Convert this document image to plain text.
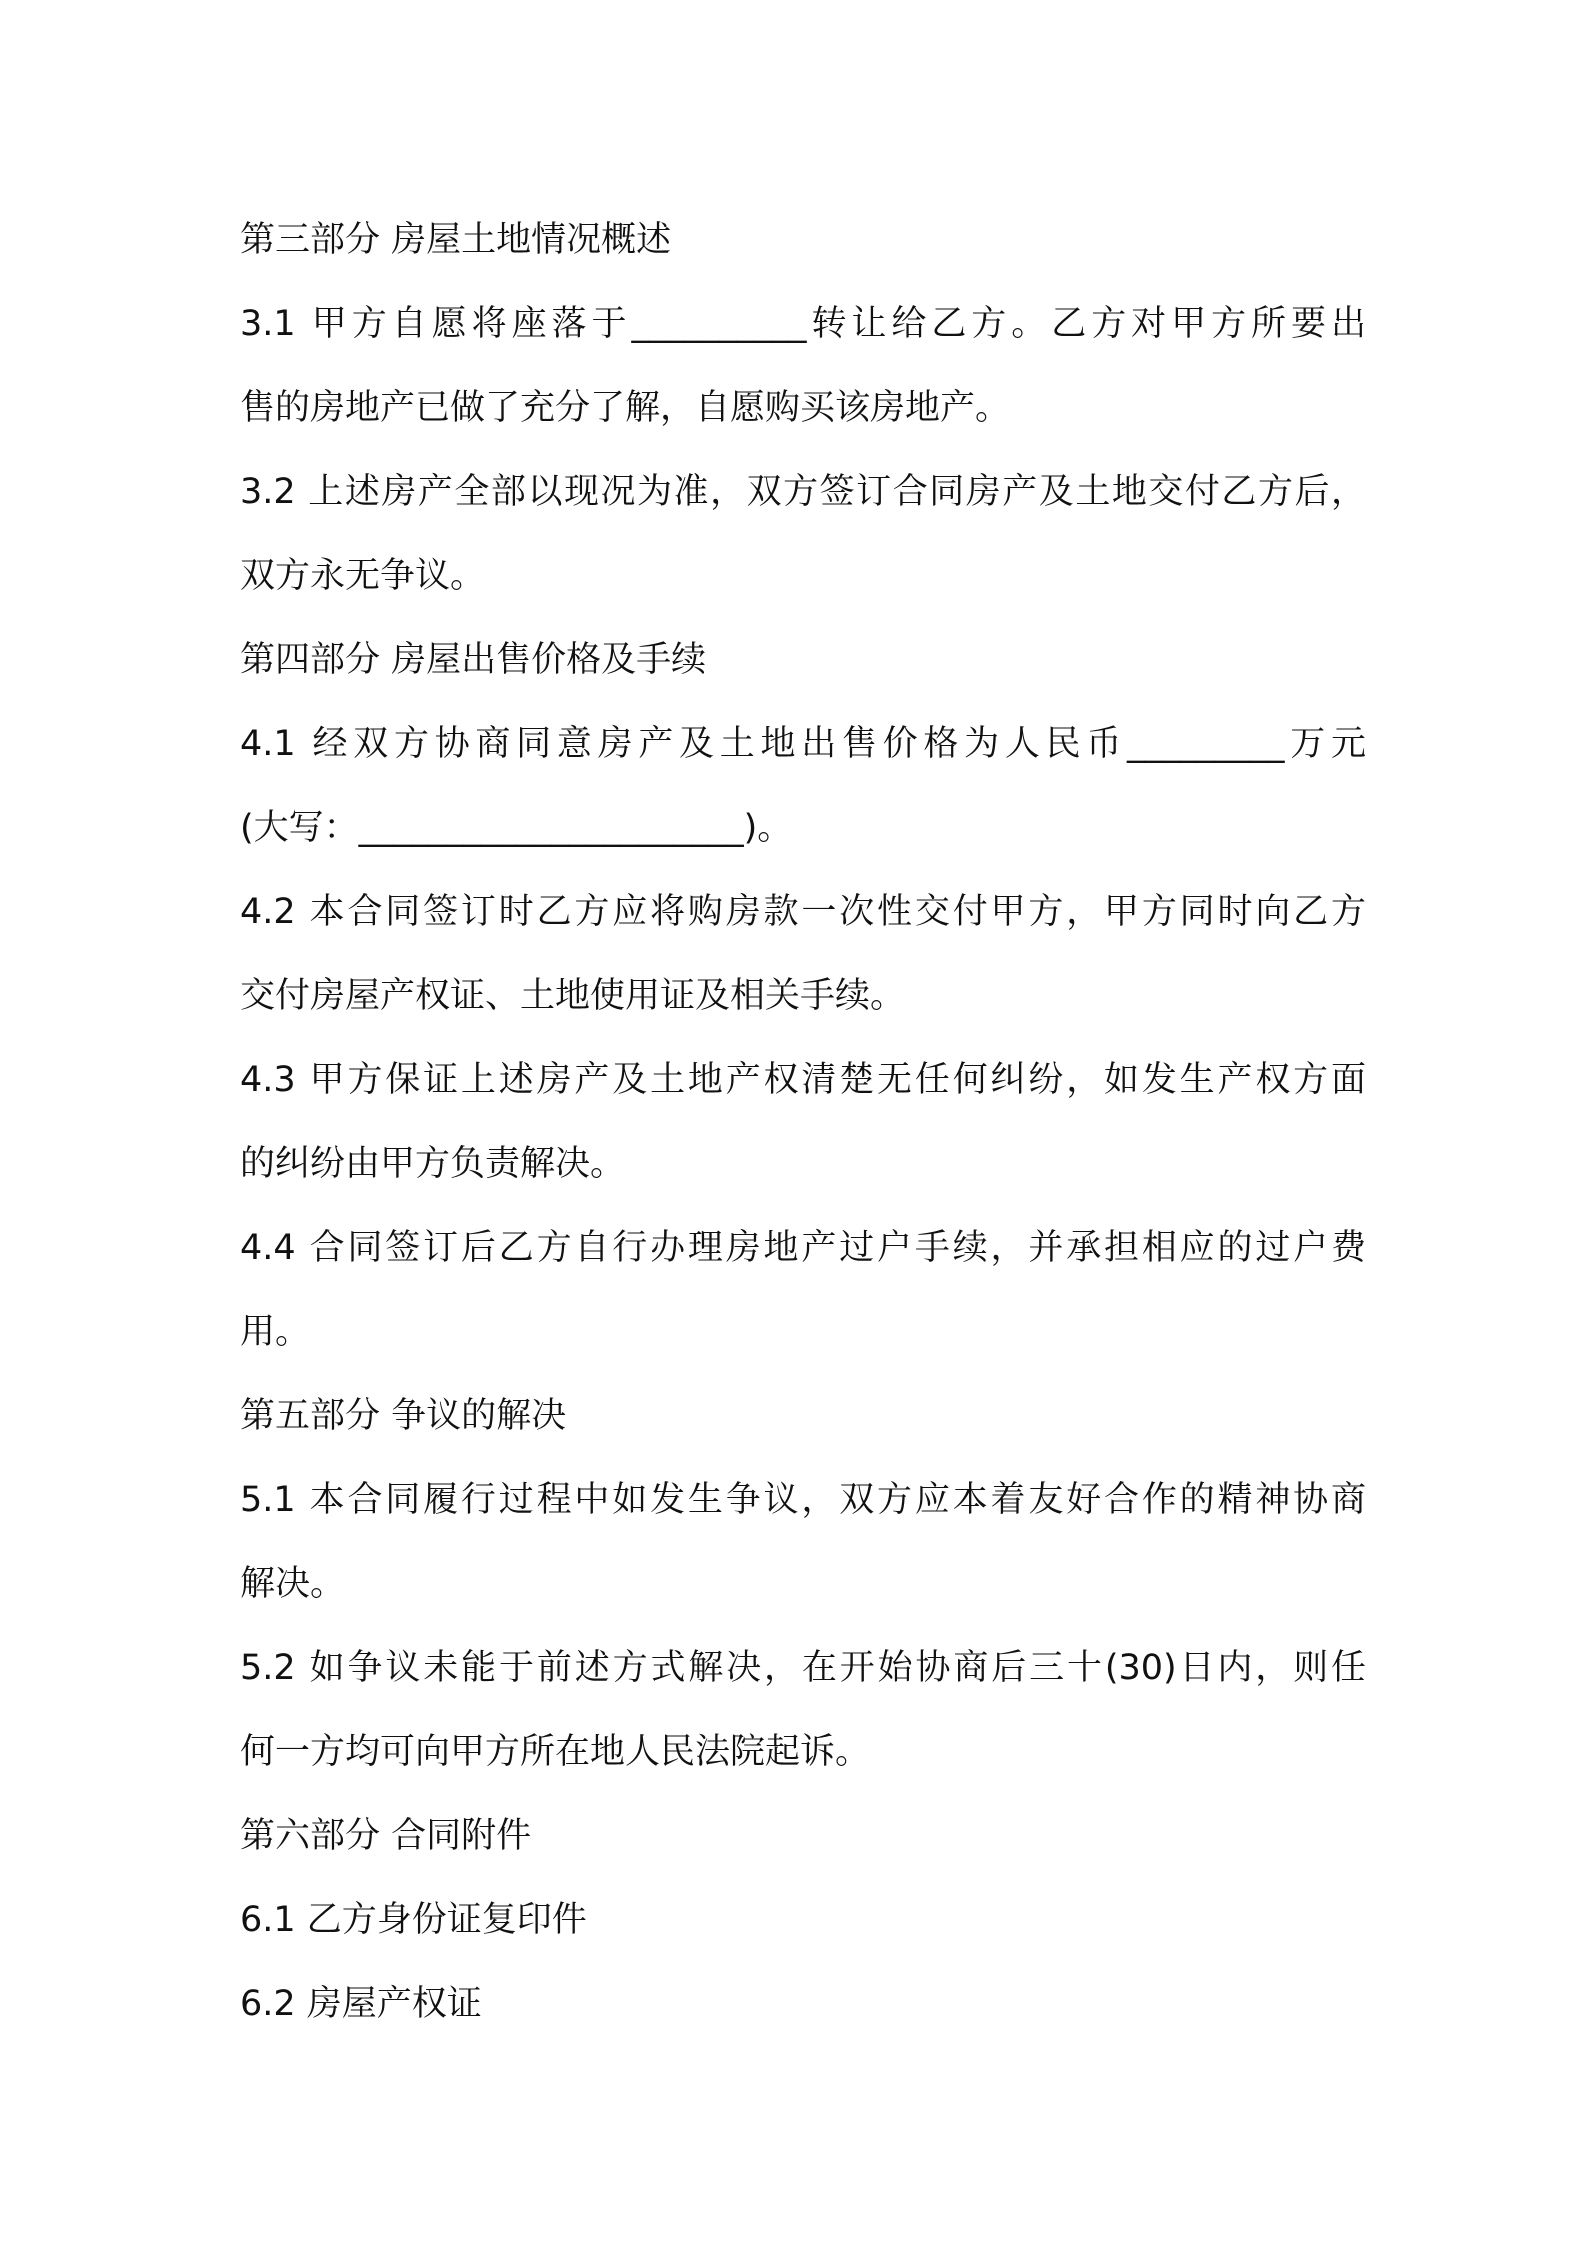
第三部分 房屋土地情况概述
3.1 甲方自愿将座落于__________转让给乙方。乙方对甲方所要出
售的房地产已做了充分了解，自愿购买该房地产。
3.2 上述房产全部以现况为准，双方签订合同房产及土地交付乙方后，
双方永无争议。
第四部分 房屋出售价格及手续
4.1 经双方协商同意房产及土地出售价格为人民币_________万元
(大写：______________________)。
4.2 本合同签订时乙方应将购房款一次性交付甲方，甲方同时向乙方
交付房屋产权证、土地使用证及相关手续。
4.3 甲方保证上述房产及土地产权清楚无任何纠纷，如发生产权方面
的纠纷由甲方负责解决。
4.4 合同签订后乙方自行办理房地产过户手续，并承担相应的过户费
用。
第五部分 争议的解决
5.1 本合同履行过程中如发生争议，双方应本着友好合作的精神协商
解决。
5.2 如争议未能于前述方式解决，在开始协商后三十(30)日内，则任
何一方均可向甲方所在地人民法院起诉。
第六部分 合同附件
6.1 乙方身份证复印件
6.2 房屋产权证
